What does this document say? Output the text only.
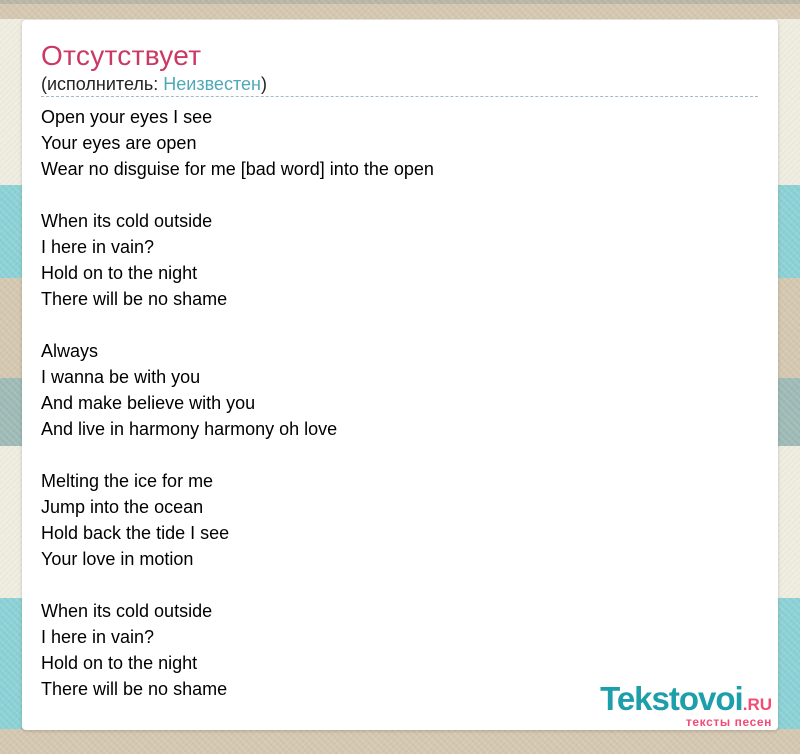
Отсутствует

(исполнитель: Неизвестен)

Open your eyes I see
Your eyes are open
Wear no disguise for me [bad word] into the open
When its cold outside
I here in vain?
Hold on to the night
There will be no shame
Always
I wanna be with you
And make believe with you
And live in harmony harmony oh love
Melting the ice for me
Jump into the ocean
Hold back the tide I see
Your love in motion
When its cold outside
I here in vain?
Hold on to the night
There will be no shame	Tekstovoi.RU
тексты песен
